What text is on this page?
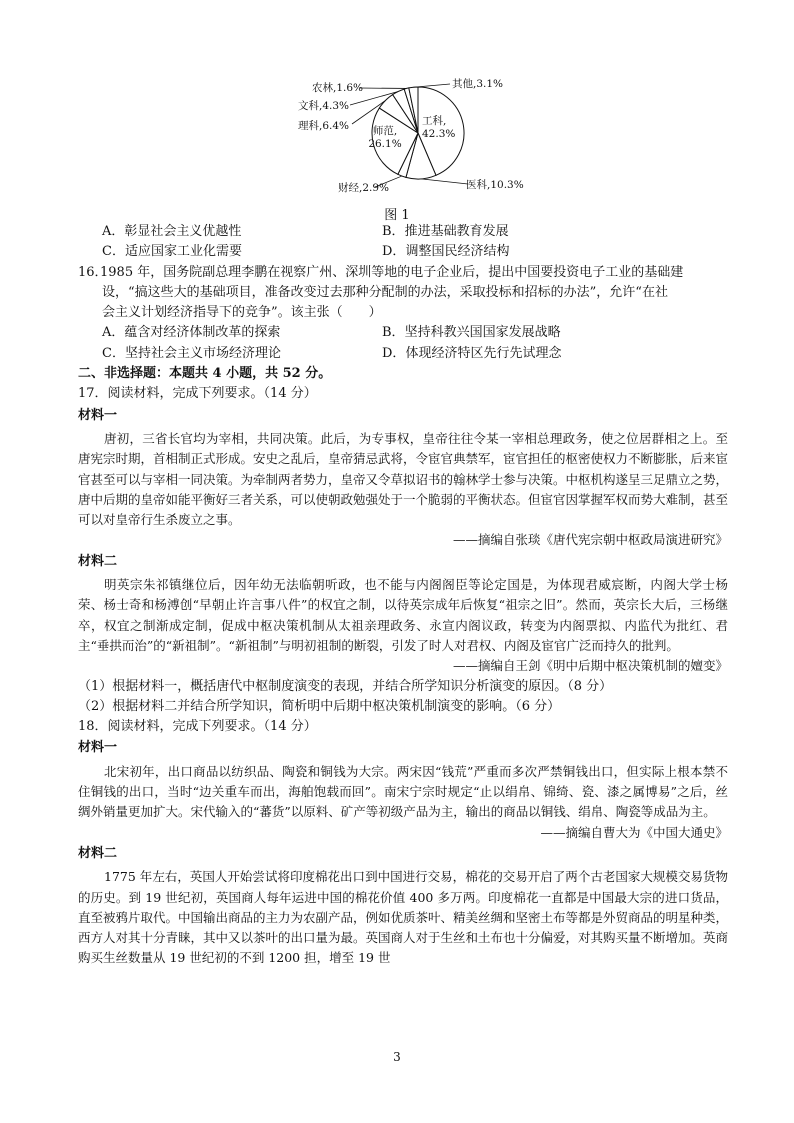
工科, 42.3%
医科,10.3%
财经,2.9%
师范, 26.1%
理科,6.4%
文科,4.3%
农林,1.6%	其他,3.1%
图 1
A．彰显社会主义优越性	B．推进基础教育发展
C．适应国家工业化需要	D．调整国民经济结构

16．1985 年，国务院副总理李鹏在视察广州、深圳等地的电子企业后，提出中国要投资电子工业的基础建

设，“搞这些大的基础项目，准备改变过去那种分配制的办法，采取投标和招标的办法”，允许“在社

会主义计划经济指导下的竞争”。该主张（　　）

A．蕴含对经济体制改革的探索	B．坚持科教兴国国家发展战略
C．坚持社会主义市场经济理论	D．体现经济特区先行先试理念

二、非选择题：本题共 4 小题，共 52 分。

17．阅读材料，完成下列要求。（14 分）

材料一

唐初，三省长官均为宰相，共同决策。此后，为专事权，皇帝往往令某一宰相总理政务，使之位居群相之上。至唐宪宗时期，首相制正式形成。安史之乱后，皇帝猜忌武将，令宦官典禁军，宦官担任的枢密使权力不断膨胀，后来宦官甚至可以与宰相一同决策。为牵制两者势力，皇帝又令草拟诏书的翰林学士参与决策。中枢机构遂呈三足鼎立之势，唐中后期的皇帝如能平衡好三者关系，可以使朝政勉强处于一个脆弱的平衡状态。但宦官因掌握军权而势大难制，甚至可以对皇帝行生杀废立之事。

——摘编自张琰《唐代宪宗朝中枢政局演进研究》

材料二

明英宗朱祁镇继位后，因年幼无法临朝听政，也不能与内阁阁臣等论定国是，为体现君威宸断，内阁大学士杨荣、杨士奇和杨溥创“早朝止许言事八件”的权宜之制，以待英宗成年后恢复“祖宗之旧”。然而，英宗长大后，三杨继卒，权宜之制渐成定制，促成中枢决策机制从太祖亲理政务、永宣内阁议政，转变为内阁票拟、内监代为批红、君主“垂拱而治”的“新祖制”。“新祖制”与明初祖制的断裂，引发了时人对君权、内阁及宦官广泛而持久的批判。

——摘编自王剑《明中后期中枢决策机制的嬗变》

（1）根据材料一，概括唐代中枢制度演变的表现，并结合所学知识分析演变的原因。（8 分）

（2）根据材料二并结合所学知识，简析明中后期中枢决策机制演变的影响。（6 分）

18．阅读材料，完成下列要求。（14 分）

材料一

北宋初年，出口商品以纺织品、陶瓷和铜钱为大宗。两宋因“钱荒”严重而多次严禁铜钱出口，但实际上根本禁不住铜钱的出口，当时“边关重车而出，海舶饱载而回”。南宋宁宗时规定“止以绢帛、锦绮、瓷、漆之属博易”之后，丝绸外销量更加扩大。宋代输入的“蕃货”以原料、矿产等初级产品为主，输出的商品以铜钱、绢帛、陶瓷等成品为主。

——摘编自曹大为《中国大通史》

材料二

1775 年左右，英国人开始尝试将印度棉花出口到中国进行交易，棉花的交易开启了两个古老国家大规模交易货物的历史。到 19 世纪初，英国商人每年运进中国的棉花价值 400 多万两。印度棉花一直都是中国最大宗的进口货品，直至被鸦片取代。中国输出商品的主力为农副产品，例如优质茶叶、精美丝绸和坚密土布等都是外贸商品的明星种类，西方人对其十分青睐，其中又以茶叶的出口量为最。英国商人对于生丝和土布也十分偏爱，对其购买量不断增加。英商购买生丝数量从 19 世纪初的不到 1200 担，增至 19 世

3
